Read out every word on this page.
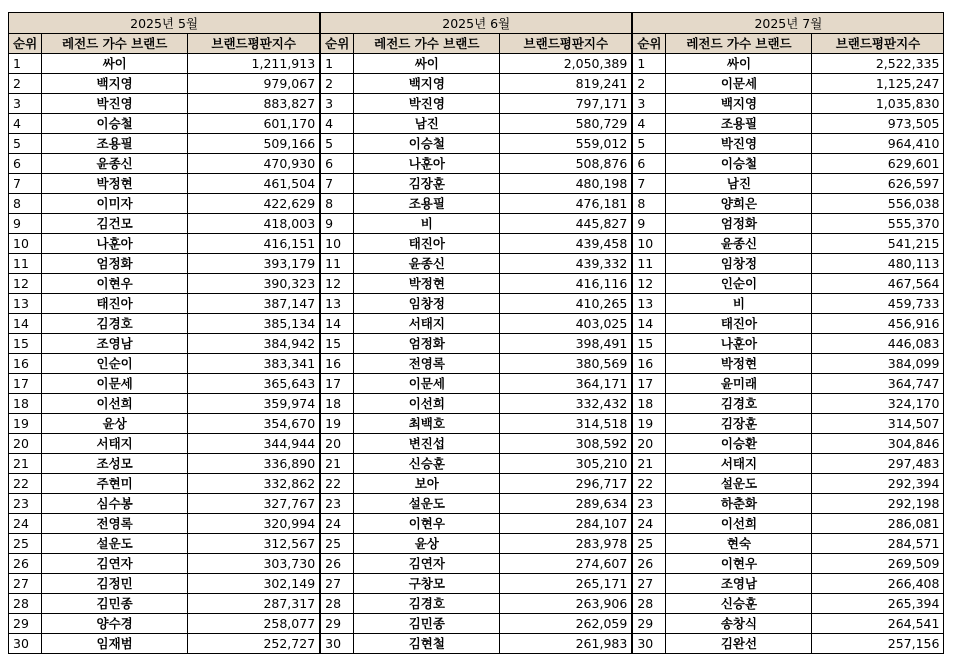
2025년 5월		
순위	레전드 가수 브랜드	브랜드평판지수
1	싸이	1,211,913
2	백지영	979,067
3	박진영	883,827
4	이승철	601,170
5	조용필	509,166
6	윤종신	470,930
7	박정현	461,504
8	이미자	422,629
9	김건모	418,003
10	나훈아	416,151
11	엄정화	393,179
12	이현우	390,323
13	태진아	387,147
14	김경호	385,134
15	조영남	384,942
16	인순이	383,341
17	이문세	365,643
18	이선희	359,974
19	윤상	354,670
20	서태지	344,944
21	조성모	336,890
22	주현미	332,862
23	심수봉	327,767
24	전영록	320,994
25	설운도	312,567
26	김연자	303,730
27	김정민	302,149
28	김민종	287,317
29	양수경	258,077
30	임재범	252,727
2025년 6월		
순위	레전드 가수 브랜드	브랜드평판지수
1	싸이	2,050,389
2	백지영	819,241
3	박진영	797,171
4	남진	580,729
5	이승철	559,012
6	나훈아	508,876
7	김장훈	480,198
8	조용필	476,181
9	비	445,827
10	태진아	439,458
11	윤종신	439,332
12	박정현	416,116
13	임창정	410,265
14	서태지	403,025
15	엄정화	398,491
16	전영록	380,569
17	이문세	364,171
18	이선희	332,432
19	최백호	314,518
20	변진섭	308,592
21	신승훈	305,210
22	보아	296,717
23	설운도	289,634
24	이현우	284,107
25	윤상	283,978
26	김연자	274,607
27	구창모	265,171
28	김경호	263,906
29	김민종	262,059
30	김현철	261,983
2025년 7월		
순위	레전드 가수 브랜드	브랜드평판지수
1	싸이	2,522,335
2	이문세	1,125,247
3	백지영	1,035,830
4	조용필	973,505
5	박진영	964,410
6	이승철	629,601
7	남진	626,597
8	양희은	556,038
9	엄정화	555,370
10	윤종신	541,215
11	임창정	480,113
12	인순이	467,564
13	비	459,733
14	태진아	456,916
15	나훈아	446,083
16	박정현	384,099
17	윤미래	364,747
18	김경호	324,170
19	김장훈	314,507
20	이승환	304,846
21	서태지	297,483
22	설운도	292,394
23	하춘화	292,198
24	이선희	286,081
25	현숙	284,571
26	이현우	269,509
27	조영남	266,408
28	신승훈	265,394
29	송창식	264,541
30	김완선	257,156
